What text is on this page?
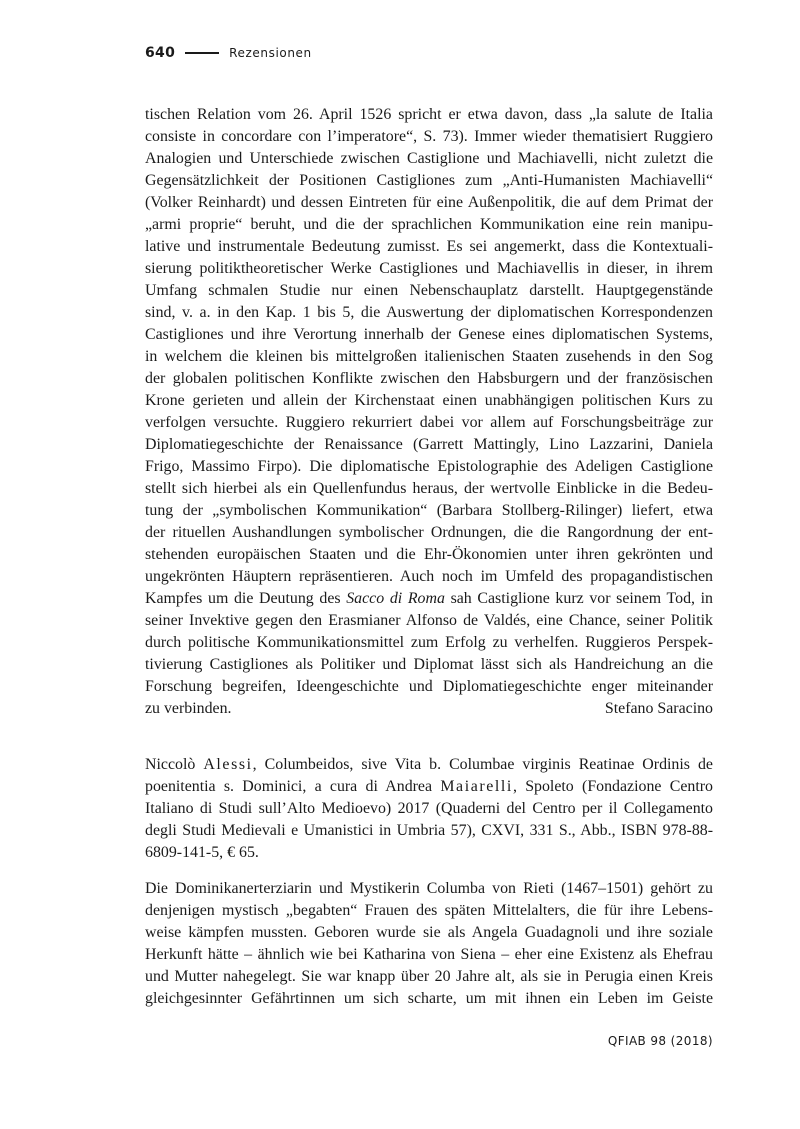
640	Rezensionen
tischen Relation vom 26. April 1526 spricht er etwa davon, dass „la salute de Italia
consiste in concordare con l’imperatore“, S. 73). Immer wieder thematisiert Ruggiero
Analogien und Unterschiede zwischen Castiglione und Machiavelli, nicht zuletzt die
Gegensätzlichkeit der Positionen Castigliones zum „Anti-Humanisten Machiavelli“
(Volker Reinhardt) und dessen Eintreten für eine Außenpolitik, die auf dem Primat der
„armi proprie“ beruht, und die der sprachlichen Kommunikation eine rein manipu-
lative und instrumentale Bedeutung zumisst. Es sei angemerkt, dass die Kontextuali-
sierung politiktheoretischer Werke Castigliones und Machiavellis in dieser, in ihrem
Umfang schmalen Studie nur einen Nebenschauplatz darstellt. Hauptgegenstände
sind, v. a. in den Kap. 1 bis 5, die Auswertung der diplomatischen Korrespondenzen
Castigliones und ihre Verortung innerhalb der Genese eines diplomatischen Systems,
in welchem die kleinen bis mittelgroßen italienischen Staaten zusehends in den Sog
der globalen politischen Konflikte zwischen den Habsburgern und der französischen
Krone gerieten und allein der Kirchenstaat einen unabhängigen politischen Kurs zu
verfolgen versuchte. Ruggiero rekurriert dabei vor allem auf Forschungsbeiträge zur
Diplomatiegeschichte der Renaissance (Garrett Mattingly, Lino Lazzarini, Daniela
Frigo, Massimo Firpo). Die diplomatische Epistolographie des Adeligen Castiglione
stellt sich hierbei als ein Quellenfundus heraus, der wertvolle Einblicke in die Bedeu-
tung der „symbolischen Kommunikation“ (Barbara Stollberg-Rilinger) liefert, etwa
der rituellen Aushandlungen symbolischer Ordnungen, die die Rangordnung der ent-
stehenden europäischen Staaten und die Ehr-Ökonomien unter ihren gekrönten und
ungekrönten Häuptern repräsentieren. Auch noch im Umfeld des propagandistischen
Kampfes um die Deutung des Sacco di Roma sah Castiglione kurz vor seinem Tod, in
seiner Invektive gegen den Erasmianer Alfonso de Valdés, eine Chance, seiner Politik
durch politische Kommunikationsmittel zum Erfolg zu verhelfen. Ruggieros Perspek-
tivierung Castigliones als Politiker und Diplomat lässt sich als Handreichung an die
Forschung begreifen, Ideengeschichte und Diplomatiegeschichte enger miteinander
zu verbinden.	Stefano Saracino
Niccolò Alessi, Columbeidos, sive Vita b. Columbae virginis Reatinae Ordinis de
poenitentia s. Dominici, a cura di Andrea Maiarelli, Spoleto (Fondazione Centro
Italiano di Studi sull’Alto Medioevo) 2017 (Quaderni del Centro per il Collegamento
degli Studi Medievali e Umanistici in Umbria 57), CXVI, 331 S., Abb., ISBN 978-88-
6809-141-5, € 65.
Die Dominikanerterziarin und Mystikerin Columba von Rieti (1467–1501) gehört zu
denjenigen mystisch „begabten“ Frauen des späten Mittelalters, die für ihre Lebens-
weise kämpfen mussten. Geboren wurde sie als Angela Guadagnoli und ihre soziale
Herkunft hätte – ähnlich wie bei Katharina von Siena – eher eine Existenz als Ehefrau
und Mutter nahegelegt. Sie war knapp über 20 Jahre alt, als sie in Perugia einen Kreis
gleichgesinnter Gefährtinnen um sich scharte, um mit ihnen ein Leben im Geiste
QFIAB 98 (2018)
